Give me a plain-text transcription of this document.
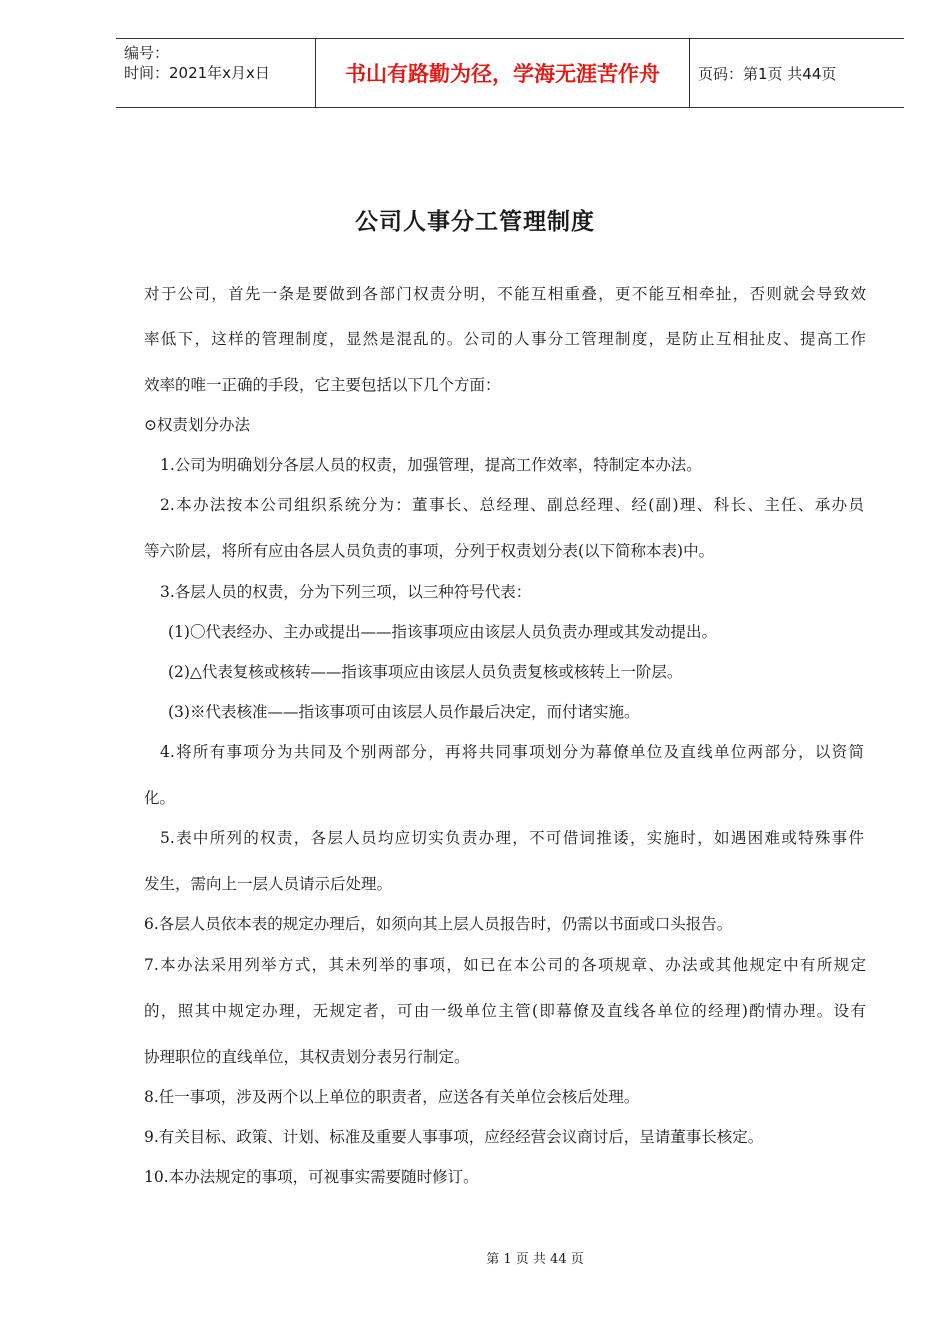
编号：
时间：2021年x月x日	书山有路勤为径，学海无涯苦作舟	页码：第1页 共44页
公司人事分工管理制度
对于公司，首先一条是要做到各部门权责分明，不能互相重叠，更不能互相牵扯，否则就会导致效
率低下，这样的管理制度，显然是混乱的。公司的人事分工管理制度，是防止互相扯皮、提高工作
效率的唯一正确的手段，它主要包括以下几个方面：
⊙权责划分办法
1.公司为明确划分各层人员的权责，加强管理，提高工作效率，特制定本办法。
2.本办法按本公司组织系统分为：董事长、总经理、副总经理、经(副)理、科长、主任、承办员
等六阶层，将所有应由各层人员负责的事项，分列于权责划分表(以下简称本表)中。
3.各层人员的权责，分为下列三项，以三种符号代表：
(1)〇代表经办、主办或提出——指该事项应由该层人员负责办理或其发动提出。
(2)△代表复核或核转——指该事项应由该层人员负责复核或核转上一阶层。
(3)※代表核准——指该事项可由该层人员作最后决定，而付诸实施。
4.将所有事项分为共同及个别两部分，再将共同事项划分为幕僚单位及直线单位两部分，以资简
化。
5.表中所列的权责，各层人员均应切实负责办理，不可借词推诿，实施时，如遇困难或特殊事件
发生，需向上一层人员请示后处理。
6.各层人员依本表的规定办理后，如须向其上层人员报告时，仍需以书面或口头报告。
7.本办法采用列举方式，其未列举的事项，如已在本公司的各项规章、办法或其他规定中有所规定
的，照其中规定办理，无规定者，可由一级单位主管(即幕僚及直线各单位的经理)酌情办理。设有
协理职位的直线单位，其权责划分表另行制定。
8.任一事项，涉及两个以上单位的职责者，应送各有关单位会核后处理。
9.有关目标、政策、计划、标准及重要人事事项，应经经营会议商讨后，呈请董事长核定。
10.本办法规定的事项，可视事实需要随时修订。
第 1 页 共 44 页
